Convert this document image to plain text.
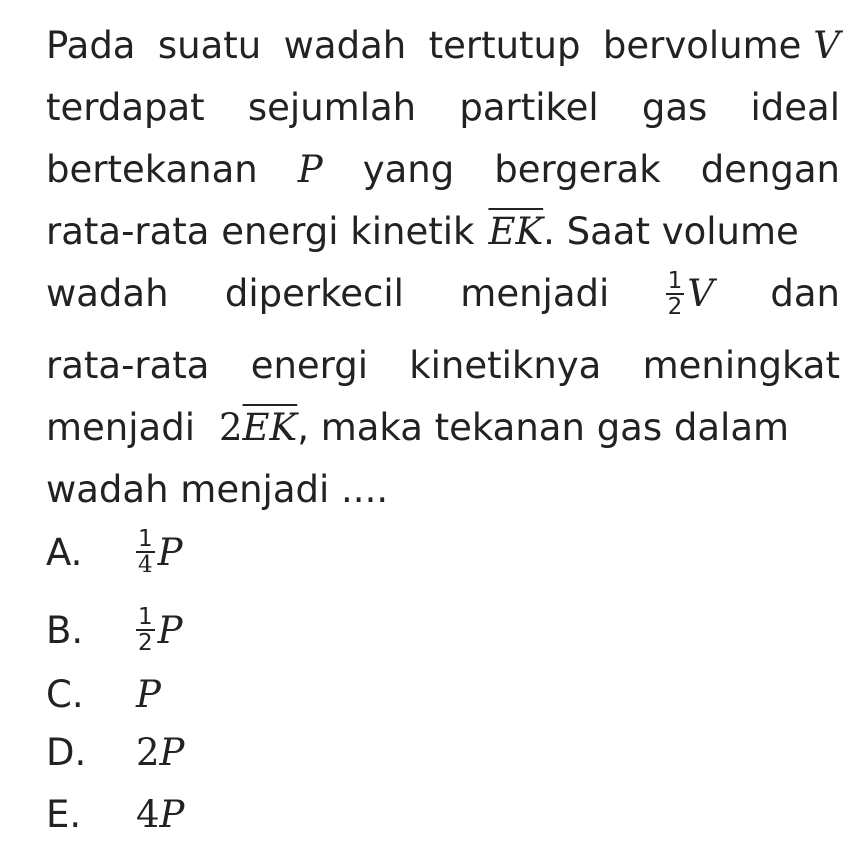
Pada suatu wadah tertutup bervolume V
terdapat sejumlah partikel gas ideal
bertekanan P yang bergerak dengan
rata-rata energi kinetik $\overline{EK}$ . Saat volume
wadah diperkecil menjadi $\frac{1}{2}$ V dan
rata-rata energi kinetiknya meningkat
menjadi $2\overline{EK}$ , maka tekanan gas dalam
wadah menjadi ....
A.	$\frac{1}{4}$ P
B.	$\frac{1}{2}$ P
C.	P
D.	2 P
E.	4 P
